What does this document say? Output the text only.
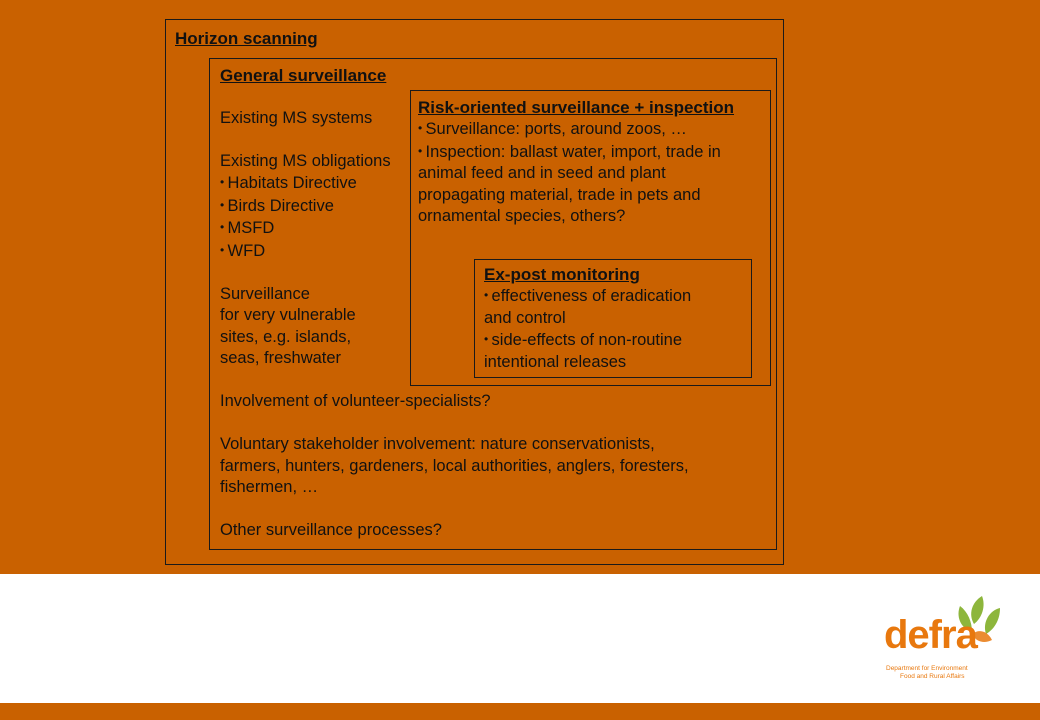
Horizon scanning

General surveillance

Existing MS systems

Existing MS obligations

• Habitats Directive

• Birds Directive

• MSFD

• WFD

Surveillance

for very vulnerable

sites, e.g. islands,

seas, freshwater

Involvement of volunteer-specialists?

Voluntary stakeholder involvement: nature conservationists,

farmers, hunters, gardeners, local authorities, anglers, foresters,

fishermen, …

Other surveillance processes?

Risk-oriented surveillance + inspection

• Surveillance: ports, around zoos, …

• Inspection: ballast water, import, trade in

animal feed and in seed and plant

propagating material, trade in pets and

ornamental species, others?

Ex-post monitoring

• effectiveness of eradication

and control

• side-effects of non-routine

intentional releases

defra
Department for Environment
Food and Rural Affairs
